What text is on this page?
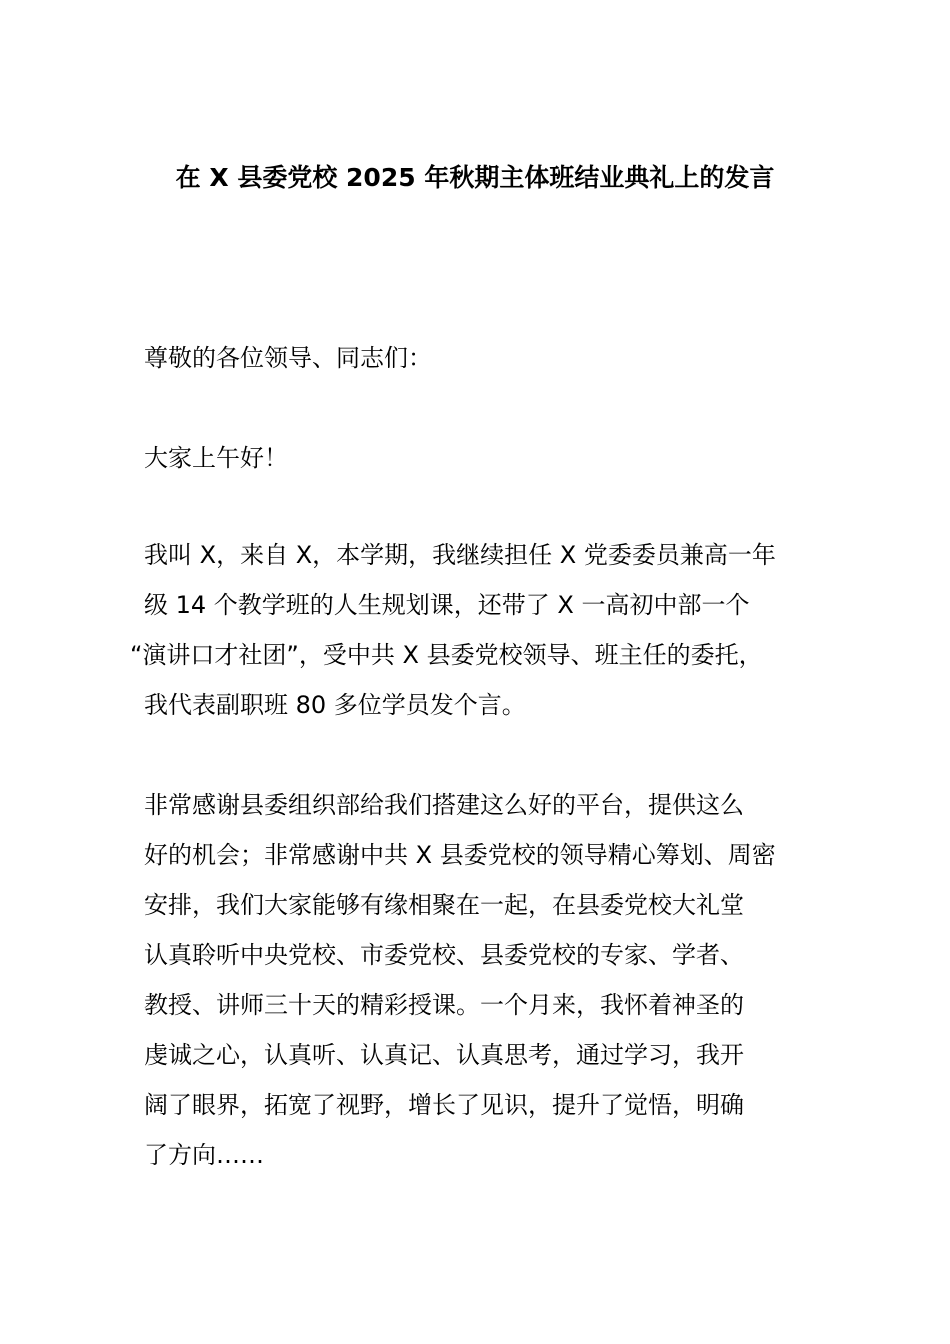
在 X 县委党校 2025 年秋期主体班结业典礼上的发言

尊敬的各位领导、同志们：

大家上午好！

我叫 X，来自 X，本学期，我继续担任 X 党委委员兼高一年
级 14 个教学班的人生规划课，还带了 X 一高初中部一个
“演讲口才社团”，受中共 X 县委党校领导、班主任的委托，
我代表副职班 80 多位学员发个言。

非常感谢县委组织部给我们搭建这么好的平台，提供这么
好的机会；非常感谢中共 X 县委党校的领导精心筹划、周密
安排，我们大家能够有缘相聚在一起，在县委党校大礼堂
认真聆听中央党校、市委党校、县委党校的专家、学者、
教授、讲师三十天的精彩授课。一个月来，我怀着神圣的
虔诚之心，认真听、认真记、认真思考，通过学习，我开
阔了眼界，拓宽了视野，增长了见识，提升了觉悟，明确
了方向……
